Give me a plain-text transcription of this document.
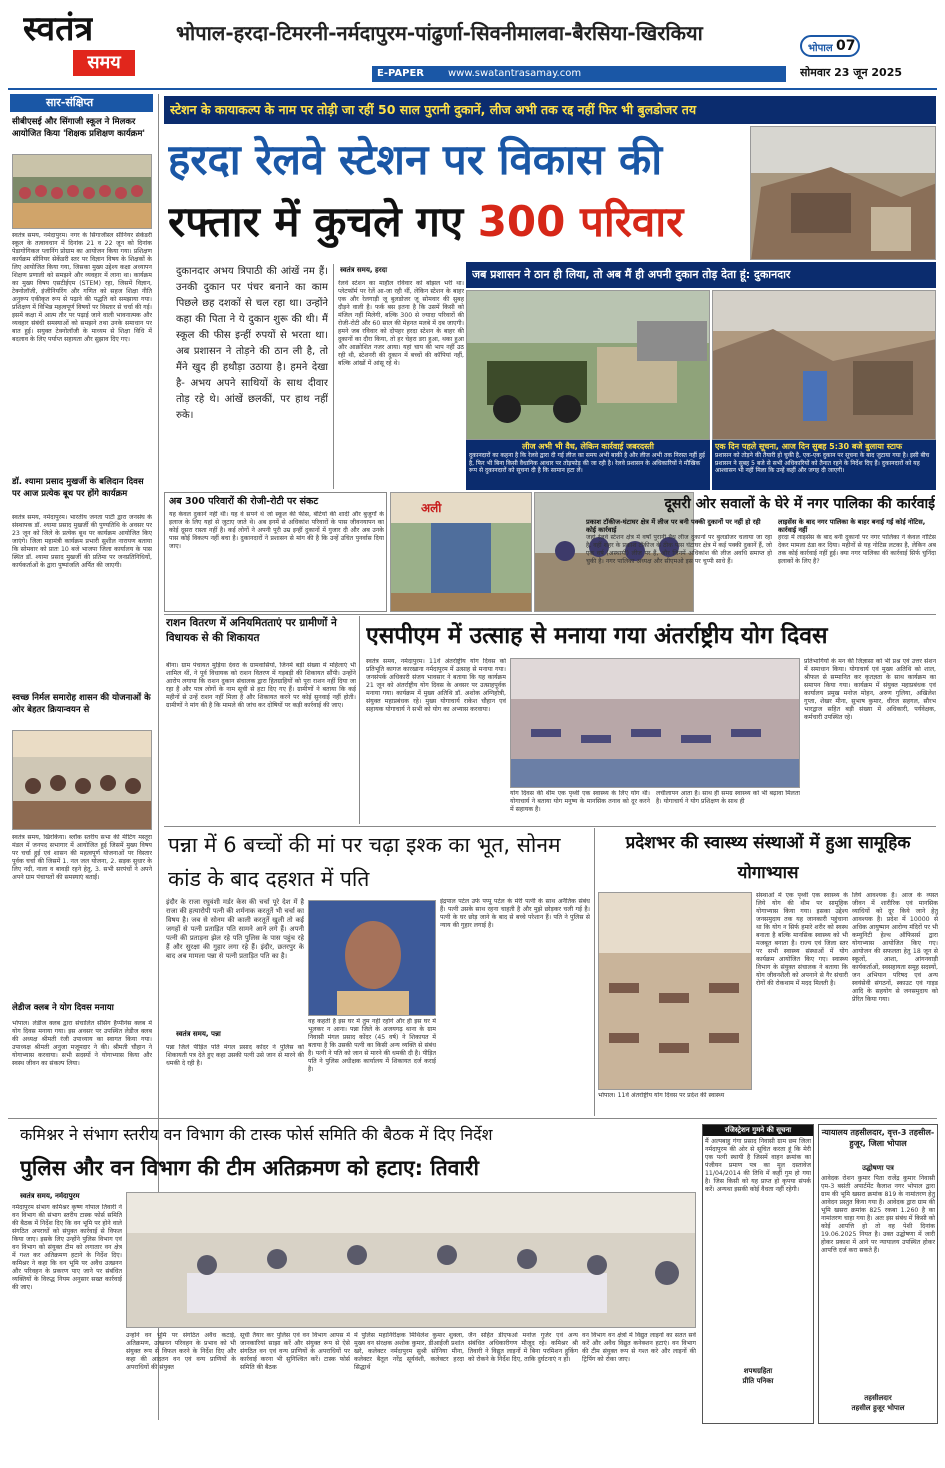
स्वतंत्र
समय
भोपाल-हरदा-टिमरनी-नर्मदापुरम-पांढुर्णा-सिवनीमालवा-बैरसिया-खिरकिया
E-PAPER www.swatantrasamay.com
भोपाल 07
सोमवार 23 जून 2025
सार-संक्षिप्त
सीबीएसई और सिंगाजी स्कूल ने मिलकर आयोजित किया 'शिक्षक प्रशिक्षण कार्यक्रम'
स्वतंत्र समय, नर्मदापुरम। नगर के सिंगाजीस्ल सीनियर सेकेंडरी स्कूल के तत्वावधान में दिनांक 21 व 22 जून को दिनांक पेडागोगिकल प्लानिंग प्रोग्राम का आयोजन किया गया। प्रशिक्षण कार्यक्रम सीनियर सेकेंडरी स्तर पर विज्ञान विषय के शिक्षकों के लिए आयोजित किया गया, जिसका मुख्य उद्देश्य कक्षा अध्यापन शिक्षण प्रणाली को समझने और व्यवहार में लाना था। कार्यक्रम का मुख्य विषय एसटीईएम (STEM) रहा, जिसमें विज्ञान, टेक्नोलॉजी, इंजीनियरिंग और गणित को सहज शिक्षा नीति अनुरूप एकीकृत रूप से पढ़ाने की पद्धति को समझाया गया। प्रशिक्षण में विभिन्न महत्वपूर्ण विषयों पर विस्तार से चर्चा की गई। इसमें कक्षा में आत्म तौर पर पढ़ाई जाने वाली भावनात्मक और व्यवहार संबंधी समस्याओं को समझने तथा उनके समाधान पर बात हुई। सयुक्त टेक्नोलॉजी के माध्यम से शिक्षा विधि में बदलाव के लिए पर्याप्त सहायता और सुझाव दिए गए।
डॉ. श्यामा प्रसाद मुखर्जी के बलिदान दिवस पर आज प्रत्येक बूथ पर होंगे कार्यक्रम
स्वतंत्र समय, नर्मदापुरम। भारतीय जनता पार्टी द्वारा जनसंघ के संस्थापक डॉ. श्यामा प्रसाद मुखर्जी की पुण्यतिथि के अवसर पर 23 जून को जिले के प्रत्येक बूथ पर कार्यक्रम आयोजित किए जाएंगे। जिला महामंत्री कार्यक्रम प्रभारी सुशील नारायण बताया कि सोमवार को प्रातः 10 बजे भाजपा जिला कार्यालय के पास स्थित डॉ. श्यामा प्रसाद मुखर्जी की प्रतिमा पर जनप्रतिनिधियों, कार्यकर्ताओं के द्वारा पुष्पांजलि अर्पित की जाएगी।
स्वच्छ निर्मल समारोह शासन की योजनाओं के ओर बेहतर क्रियान्वयन से
स्वतंत्र समय, खिरकिया। ब्लॉक स्तरीय सभा की मीटिंग मस्तूरा मंडल में जनपद सभागार में आयोजित हुई जिसमें मुख्य विषय पर चर्चा हुई एवं शासन की महत्वपूर्ण योजनाओं पर विस्तार पूर्वक चर्चा की जिसमें 1. नल जल योजना, 2. सड़क सुधार के लिए नदी, नाला व बावड़ी रहने हेतु, 3. सभी सरपंचों ने अपने अपने ग्राम पंचायतों की समस्याएं बताईं।
लेडीज क्लब ने योग दिवस मनाया
भोपाल। लेडीज क्लब द्वारा संचालित सेंसिंग हैप्पीनेस क्लब में योग दिवस मनाया गया। इस अवसर पर उपस्थित लेडीज क्लब की अध्यक्ष श्रीमती रंजी उपाध्याय का स्वागत किया गया। उपाध्यक्ष श्रीमती अनुजा मजूमदार ने की। श्रीमती चौहान ने योगाभ्यास करवाया। सभी सदस्यों ने योगाभ्यास किया और स्वस्थ जीवन का संकल्प लिया।
स्टेशन के कायाकल्प के नाम पर तोड़ी जा रहीं 50 साल पुरानी दुकानें, लीज अभी तक रद्द नहीं फिर भी बुलडोजर तय
हरदा रेलवे स्टेशन पर विकास की
रफ्तार में कुचले गए 300 परिवार
दुकानदार अभय त्रिपाठी की आंखें नम हैं। उनकी दुकान पर पंचर बनाने का काम पिछले छह दशकों से चल रहा था। उन्होंने कहा की पिता ने ये दुकान शुरू की थी। मैं स्कूल की फीस इन्हीं रुपयों से भरता था। अब प्रशासन ने तोड़ने की ठान ली है, तो मैंने खुद ही हथौड़ा उठाया है। हमने देखा है- अभय अपने साथियों के साथ दीवार तोड़ रहे थे। आंखें छलकीं, पर हाथ नहीं रुके।
स्वतंत्र समय, हरदा
रेलवे स्टेशन का माहौल रविवार को बोझल भरी था। प्लेटफॉर्म पर रेलें आ-जा रही थीं, लेकिन स्टेशन के बाहर एक और रेलगाड़ी जू बुलडोजर जू सोमवार की सुबह दौड़ने वाली है। फर्क बस इतना है कि उसमें किसी को मंजिल नहीं मिलेगी, बल्कि 300 से ज्यादा परिवारों की रोजी-रोटी और 60 साल की मेहनत मलबे में दब जाएगी। हमने जब रविवार को दोपहर हरदा स्टेशन के बाहर की दुकानों का दौरा किया, तो हर चेहरा डरा हुआ, थका हुआ और आक्रोशित नजर आया। यहां चाय की भाप नहीं उठ रही थी, स्टेशनरी की दुकान में बच्चों की कॉपियां नहीं, बल्कि आंखों में आंसू रहे थे।
जब प्रशासन ने ठान ही लिया, तो अब मैं ही अपनी दुकान तोड़ देता हूं: दुकानदार
लीज अभी भी वैध, लेकिन कार्रवाई जबरदस्ती
दुकानदारों का कहना है कि रेलवे द्वारा दी गई लीज का समय अभी बाकी है और लीज अभी तक निरस्त नहीं हुई है, फिर भी बिना किसी वैधानिक आधार पर तोड़फोड़ की जा रही है। रेलवे प्रशासन के अधिकारियों ने मौखिक रूप से दुकानदारों को सूचना दी है कि सामान हटा लें।
एक दिन पहले सूचना, आज दिन सुबह 5:30 बजे बुलाया स्टाफ
प्रशासन को तोड़ने की तैयारी हो चुकी है, एक-एक दुकान पर सूचना के बाद जुटाया गया है। इसी बीच प्रशासन ने सुबह 5 बजे से सभी अधिकारियों को तैनात रहने के निर्देश दिए हैं। दुकानदारों को यह आश्वासन भी नहीं मिला कि उन्हें कहीं और जगह दी जाएगी।
अब 300 परिवारों की रोजी-रोटी पर संकट
यह केवल दुकानें नहीं थीं। यह वे सपने थे जो स्कूल की फीस, बेटियों की शादी और बुजुर्गों के इलाज के लिए यहां से जुटाए जाते थे। अब इनमें से अधिकांश परिवारों के पास जीवनयापन का कोई दूसरा रास्ता नहीं है। कई लोगों ने अपनी पूरी उम्र इन्हीं दुकानों में गुजार दी और अब उनके पास कोई विकल्प नहीं बचा है। दुकानदारों ने प्रशासन से मांग की है कि उन्हें उचित पुनर्वास दिया जाए।
अली	दूसरी ओर सवालों के घेरे में नगर पालिका की कार्रवाई
प्रकाश टॉकीज-घंटाघर क्षेत्र में लीज पर बनी पक्की दुकानों पर नहीं हो रही कोई कार्रवाई
जहां रेलवे स्टेशन क्षेत्र में वर्षों पुरानी वैध लीज दुकानों पर बुलडोजर चलाया जा रहा है, वहीं शहर के प्रकाश टॉकीज के ठीक पास घंटाघर क्षेत्र में कई पक्की दुकानें हैं, जो एक वर्ष (अस्थायी) लीज पर हैं, और जिनमें अधिकांश की लीज अवधि समाप्त हो चुकी है। नगर पालिका अध्यक्ष और सीएमओ इस पर चुप्पी साधे हैं।
लाइसेंस के बाद नगर पालिका के बाहर बनाई गईं कोई नोटिस, कार्रवाई नहीं
हरदा में लाइसेंस के बाद बनी दुकानों पर नगर पालिका ने केवल नोटिस देकर मामला ठंडा कर दिया। महीनों से यह नोटिस लटका है, लेकिन अब तक कोई कार्रवाई नहीं हुई। क्या नगर पालिका की कार्रवाई सिर्फ चुनिंदा इलाकों के लिए है?
राशन वितरण में अनियमितताएं पर ग्रामीणों ने विधायक से की शिकायत
बीना। ग्राम पंचायत मुड़िया देवरा के ग्रामवासियों, जिनमें बड़ी संख्या में महिलाएं भी शामिल थीं, ने पूर्व विधायक को राशन वितरण में गड़बड़ी की शिकायत सौंपी। उन्होंने आरोप लगाया कि राशन दुकान संचालक द्वारा हितग्राहियों को पूरा राशन नहीं दिया जा रहा है और पात्र लोगों के नाम सूची से हटा दिए गए हैं। ग्रामीणों ने बताया कि कई महीनों से उन्हें राशन नहीं मिला है और शिकायत करने पर कोई सुनवाई नहीं होती। ग्रामीणों ने मांग की है कि मामले की जांच कर दोषियों पर कड़ी कार्रवाई की जाए।
एसपीएम में उत्साह से मनाया गया अंतर्राष्ट्रीय योग दिवस
स्वतंत्र समय, नर्मदापुरम। 11वें अंतर्राष्ट्रीय योग दिवस को प्रतिभूति कागज कारखाना नर्मदापुरम में उत्साह से मनाया गया। जनसंपर्क अधिकारी संजय भावसार ने बताया कि यह कार्यक्रम 21 जून को अंतर्राष्ट्रीय योग दिवस के अवसर पर उत्साहपूर्वक मनाया गया। कार्यक्रम में मुख्य अतिथि डॉ. अशोक अग्निहोत्री, संयुक्त महाप्रबंधक रहे। मुख्य योगाचार्य राकेश चौहान एवं सहायक योगाचार्य ने सभी को योग का अभ्यास करवाया।
योग दिवस की थीम एक पृथ्वी एक स्वास्थ्य के लिए योग थी। योगाचार्य ने बताया योग मनुष्य के मानसिक तनाव को दूर करने में सहायक है।
लचीलापन आता है। साथ ही समग्र स्वास्थ्य को भी बढ़ावा मिलता है। योगाचार्य ने योग प्रशिक्षण के साथ ही
प्रतिभागियों के मन की जिज्ञासा को भी प्रश्न एवं उत्तर सेशन में समाधान किया। योगाचार्य एवं मुख्य अतिथि को शाल, श्रीफल से सम्मानित कर कृतज्ञता के साथ कार्यक्रम का समापन किया गया। कार्यक्रम में संयुक्त महाप्रबंधक एवं कार्यालय प्रमुख मनोज मोहन, अरुण गुलिया, अखिलेश गुप्ता, शेखर मीना, सुभाष कुमार, धीरज सहगल, सौरभ भारद्वाज सहित बड़ी संख्या में अधिकारी, पर्यवेक्षक, कर्मचारी उपस्थित रहे।
पन्ना में 6 बच्चों की मां पर चढ़ा इश्क का भूत, सोनम कांड के बाद दहशत में पति
इंदौर के राजा रघुवंशी मर्डर केस की चर्चा पूरे देश में है राजा की हत्यारोपी पत्नी की शर्मनाक करतूतें भी चर्चा का विषय है। जब से सोनम की काली करतूतें खुली तो कई जगहों से पत्नी प्रताड़ित पति सामने आने लगे हैं। अपनी पत्नी की प्रताड़ना झेल रहे पति पुलिस के पास पहुंच रहे हैं और सुरक्षा की गुहार लगा रहे हैं। इंदौर, छतरपुर के बाद अब मामला पन्ना से पत्नी प्रताड़ित पति का है।
स्वतंत्र समय, पन्ना
पन्ना जिले पीड़ित पति मंगल प्रसाद कोंदर ने पुलिस को शिकायती पत्र देते हुए कहा उसकी पत्नी उसे जान से मारने की धमकी दे रही है।
वह कहती है इस घर में तुम नहीं रहोगे और ही इस घर में भूलकर न आना। पन्ना जिले के अजयगढ़ थाना के ग्राम निवासी मंगल प्रसाद कोंदर (45 वर्ष) ने शिकायत में बताया है कि उसकी पत्नी का किसी अन्य व्यक्ति से संबंध है। पत्नी ने पति को जान से मारने की धमकी दी है। पीड़ित पति ने पुलिस अधीक्षक कार्यालय में शिकायत दर्ज कराई है।
इंद्रपाल पटेल उर्फ पप्पू पटेल के मेरी पत्नी के साथ अनैतिक संबंध हैं। पत्नी उसके साथ रहना चाहती है और मुझे छोड़कर चली गई है। पत्नी के घर छोड़ जाने के बाद से बच्चे परेशान हैं। पति ने पुलिस से न्याय की गुहार लगाई है।
प्रदेशभर की स्वास्थ्य संस्थाओं में हुआ सामूहिक योगाभ्यास
भोपाल। 11वें अंतर्राष्ट्रीय योग दिवस पर प्रदेश की स्वास्थ्य
संस्थाओं में एक पृथ्वी एक स्वास्थ्य के लिये योग की थीम पर सामूहिक योगाभ्यास किया गया। इसका उद्देश्य जनसमुदाय तक यह जानकारी पहुंचाना था कि योग न सिर्फ हमारे शरीर को स्वस्थ बनाता है बल्कि मानसिक स्वास्थ्य को भी मजबूत बनाता है। राज्य एवं जिला स्तर पर सभी स्वास्थ्य संस्थाओं में योग कार्यक्रम आयोजित किए गए। स्वास्थ्य विभाग के संयुक्त संचालक ने बताया कि योग जीवनशैली को अपनाने से गैर संचारी रोगों की रोकथाम में मदद मिलती है।
लिये आवश्यक है। आज के व्यस्त जीवन में शारीरिक एवं मानसिक व्याधियों को दूर किये जाने हेतु आवश्यक है। प्रदेश में 10000 से अधिक आयुष्मान आरोग्य मंदिरों पर भी कम्युनिटी हेल्थ ऑफिसर्स द्वारा योगाभ्यास आयोजित किए गए। आयोजन की सफलता हेतु 18 जून से स्कूलों, आशा, आंगनवाड़ी कार्यकर्ताओं, स्वसहायता समूह सदस्यों, जन अभियान परिषद एवं अन्य स्वयंसेवी संगठनों, स्काउट एवं गाइड आदि के सहयोग से जनसमुदाय को प्रेरित किया गया।
कमिश्नर ने संभाग स्तरीय वन विभाग की टास्क फोर्स समिति की बैठक में दिए निर्देश
पुलिस और वन विभाग की टीम अतिक्रमण को हटाए: तिवारी
स्वतंत्र समय, नर्मदापुरम
नर्मदापुरम संभाग कमिश्नर कृष्ण गोपाल तिवारी ने वन विभाग की संभाग स्तरीय टास्क फोर्स समिति की बैठक में निर्देश दिए कि वन भूमि पर होने वाले संगठित अपराधों को संयुक्त कार्रवाई से विफल किया जाए। इसके लिए उन्होंने पुलिस विभाग एवं वन विभाग को संयुक्त टीम को लगातार वन क्षेत्र में गश्त कर अतिक्रमण हटाने के निर्देश दिए। कमिश्नर ने कहा कि वन भूमि पर अवैध उत्खनन और परिवहन के प्रकरण पाए जाने पर संबंधित व्यक्तियों के विरुद्ध नियम अनुसार सख्त कार्रवाई की जाए।
उन्होंने वन भूमि पर संगठित अवैध कटाई, अतिक्रमण, उत्खनन परिवहन के प्रभाव को भी संयुक्त रूप से विफल करने के निर्देश दिए और कहा की आदतन वन एवं वन्य प्राणियों के अपराधियों की संयुक्त
सूची तैयार कर पुलिस एवं वन विभाग आपस में जानकारियां साझा करें और संयुक्त रूप से ऐसे संगठित वन एवं वन्य प्राणियों के अपराधियों पर कार्रवाई करना भी सुनिश्चित करें। टास्क फोर्स समिति की बैठक
में पुलिस महानिरीक्षक मिथिलेश कुमार शुक्ला, मुख्य वन संरक्षक अशोक कुमार, डीआईजी प्रशांत खरे, कलेक्टर नर्मदापुरम सुश्री सोनिया मीना, कलेक्टर बैतूल नरेंद्र सूर्यवंशी, कलेक्टर हरदा सिद्धार्थ
जैन सहित डीएफओ मनोज गुर्जर एवं अन्य संबंधित अधिकारीगण मौजूद रहे। कमिश्नर श्री तिवारी ने विद्युत लाइनों में बिना परमिशन हुकिंग को रोकने के निर्देश दिए, ताकि दुर्घटनाएं न हों।
वन विभाग वन क्षेत्रों में विद्युत लाइनों का सतत सर्वे करें और अवैध विद्युत कनेक्शन हटाएं। वन विभाग की टीम संयुक्त रूप से गश्त करे और लाइनों की ट्रिपिंग को रोका जाए।
रजिस्ट्रेशन गुमने की सूचना
मैं अल्पबाहु गंगा प्रसाद निवासी ग्राम छम जिला नर्मदापुरम की ओर से सूचित करता हूं कि मेरी एक पत्नी स्थायी है जिसमें वाहन क्रमांक का पंजीयन प्रमाण पत्र का मूल दस्तावेज 11/04/2014 की तिथि में कहीं गुम हो गया है। जिस किसी को यह प्राप्त हो कृपया संपर्क करें। अन्यथा इसकी कोई वैधता नहीं रहेगी।
शपथग्रहिता
प्रीति पनिका
न्यायालय तहसीलदार, वृत्त-3 तहसील-हुजूर, जिला भोपाल
उद्घोषणा पत्र
आवेदक रोशन कुमार पिता राजेंद्र कुमार निवासी एम-3 बसंती अपार्टमेंट कैलाश नगर भोपाल द्वारा ग्राम की भूमि खसरा क्रमांक 819 के नामांतरण हेतु आवेदन प्रस्तुत किया गया है। आवेदक द्वारा ग्राम की भूमि खसरा क्रमांक 825 रकबा 1.260 है का नामांतरण चाहा गया है। अतः इस संबंध में किसी को कोई आपत्ति हो तो वह पेशी दिनांक 19.06.2025 नियत है। उक्त उद्घोषणा में जारी होकर प्रकाश में आने पर न्यायालय उपस्थित होकर आपत्ति दर्ज करा सकते हैं।
तहसीलदार
तहसील हुजूर भोपाल
